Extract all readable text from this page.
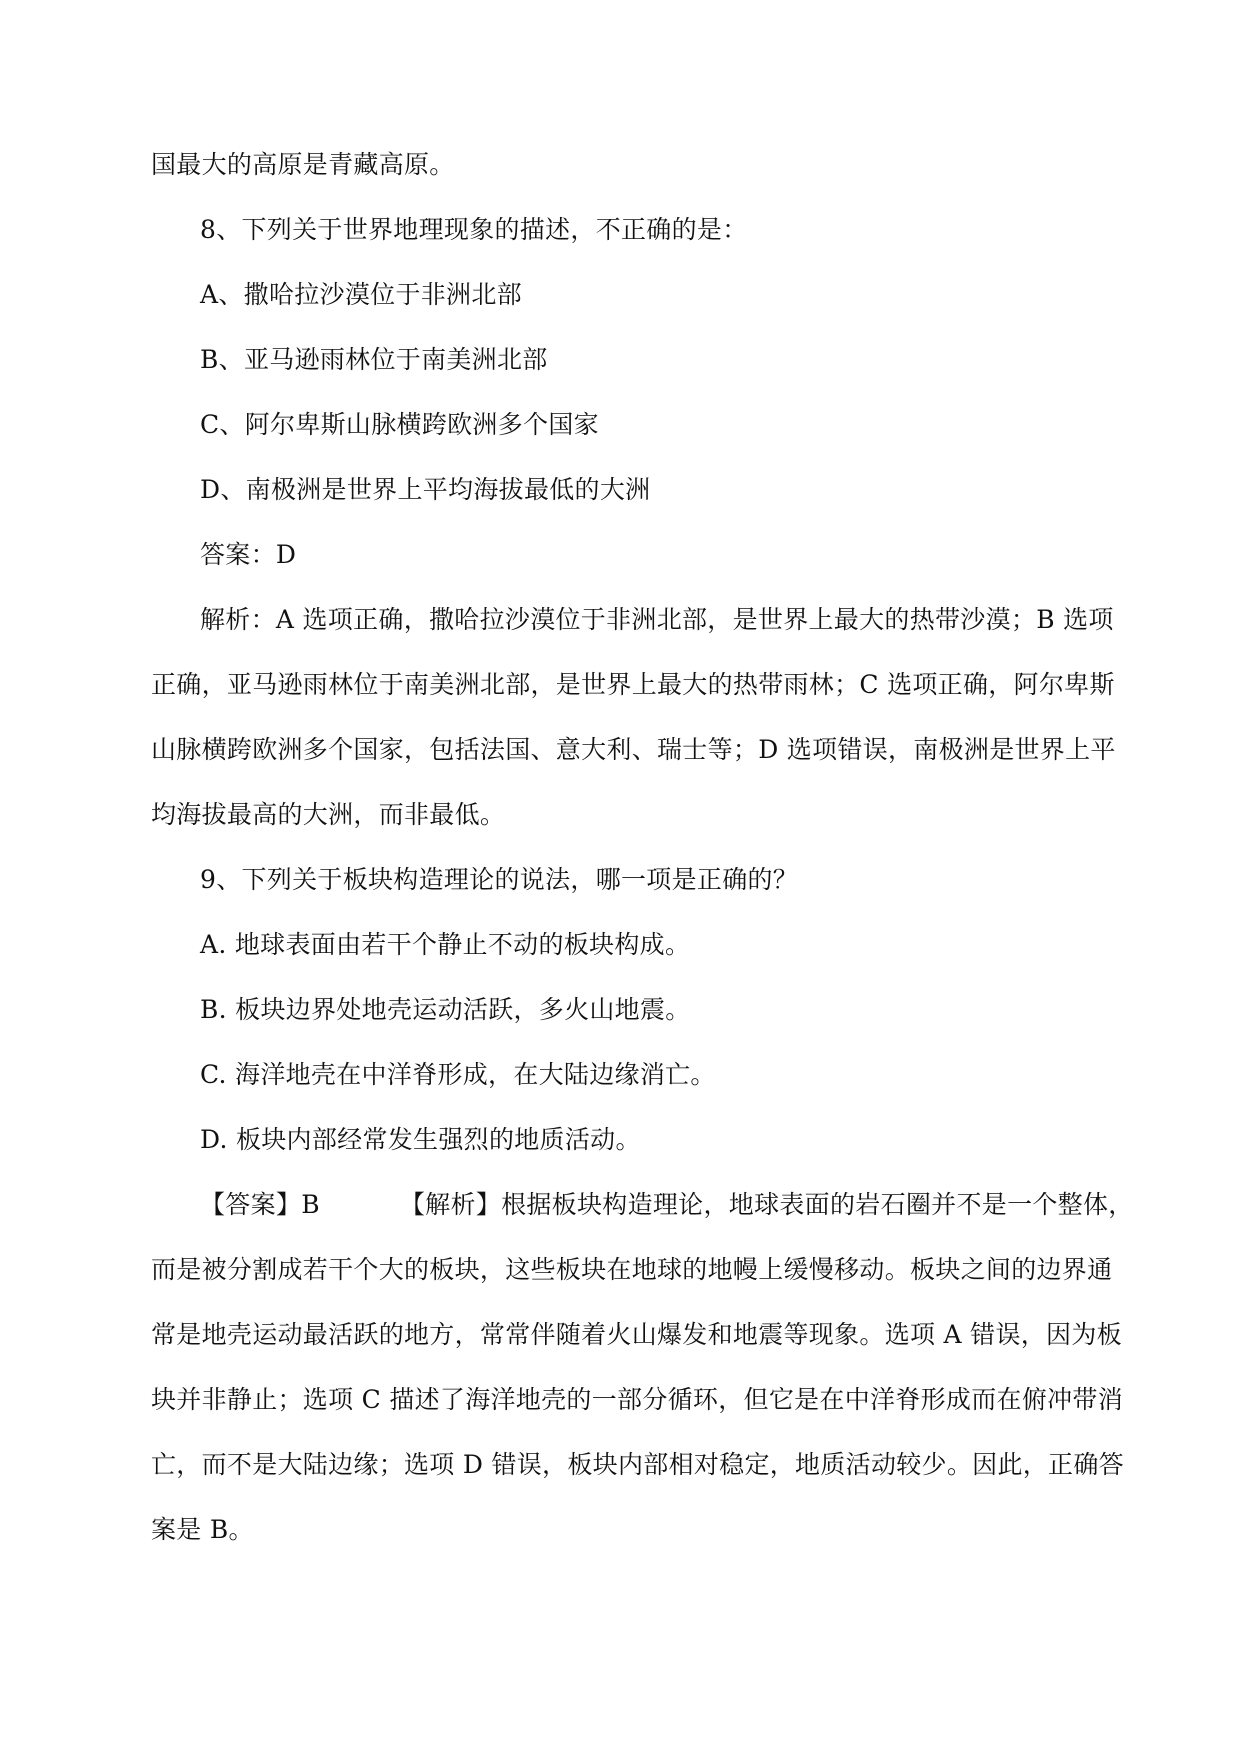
国最大的高原是青藏高原。
8、下列关于世界地理现象的描述，不正确的是：
A、撒哈拉沙漠位于非洲北部
B、亚马逊雨林位于南美洲北部
C、阿尔卑斯山脉横跨欧洲多个国家
D、南极洲是世界上平均海拔最低的大洲
答案：D
解析：A 选项正确，撒哈拉沙漠位于非洲北部，是世界上最大的热带沙漠；B 选项
正确，亚马逊雨林位于南美洲北部，是世界上最大的热带雨林；C 选项正确，阿尔卑斯
山脉横跨欧洲多个国家，包括法国、意大利、瑞士等；D 选项错误，南极洲是世界上平
均海拔最高的大洲，而非最低。
9、下列关于板块构造理论的说法，哪一项是正确的？
A. 地球表面由若干个静止不动的板块构成。
B. 板块边界处地壳运动活跃，多火山地震。
C. 海洋地壳在中洋脊形成，在大陆边缘消亡。
D. 板块内部经常发生强烈的地质活动。
【答案】B	【解析】根据板块构造理论，地球表面的岩石圈并不是一个整体，
而是被分割成若干个大的板块，这些板块在地球的地幔上缓慢移动。板块之间的边界通
常是地壳运动最活跃的地方，常常伴随着火山爆发和地震等现象。选项 A 错误，因为板
块并非静止；选项 C 描述了海洋地壳的一部分循环，但它是在中洋脊形成而在俯冲带消
亡，而不是大陆边缘；选项 D 错误，板块内部相对稳定，地质活动较少。因此，正确答
案是 B。
